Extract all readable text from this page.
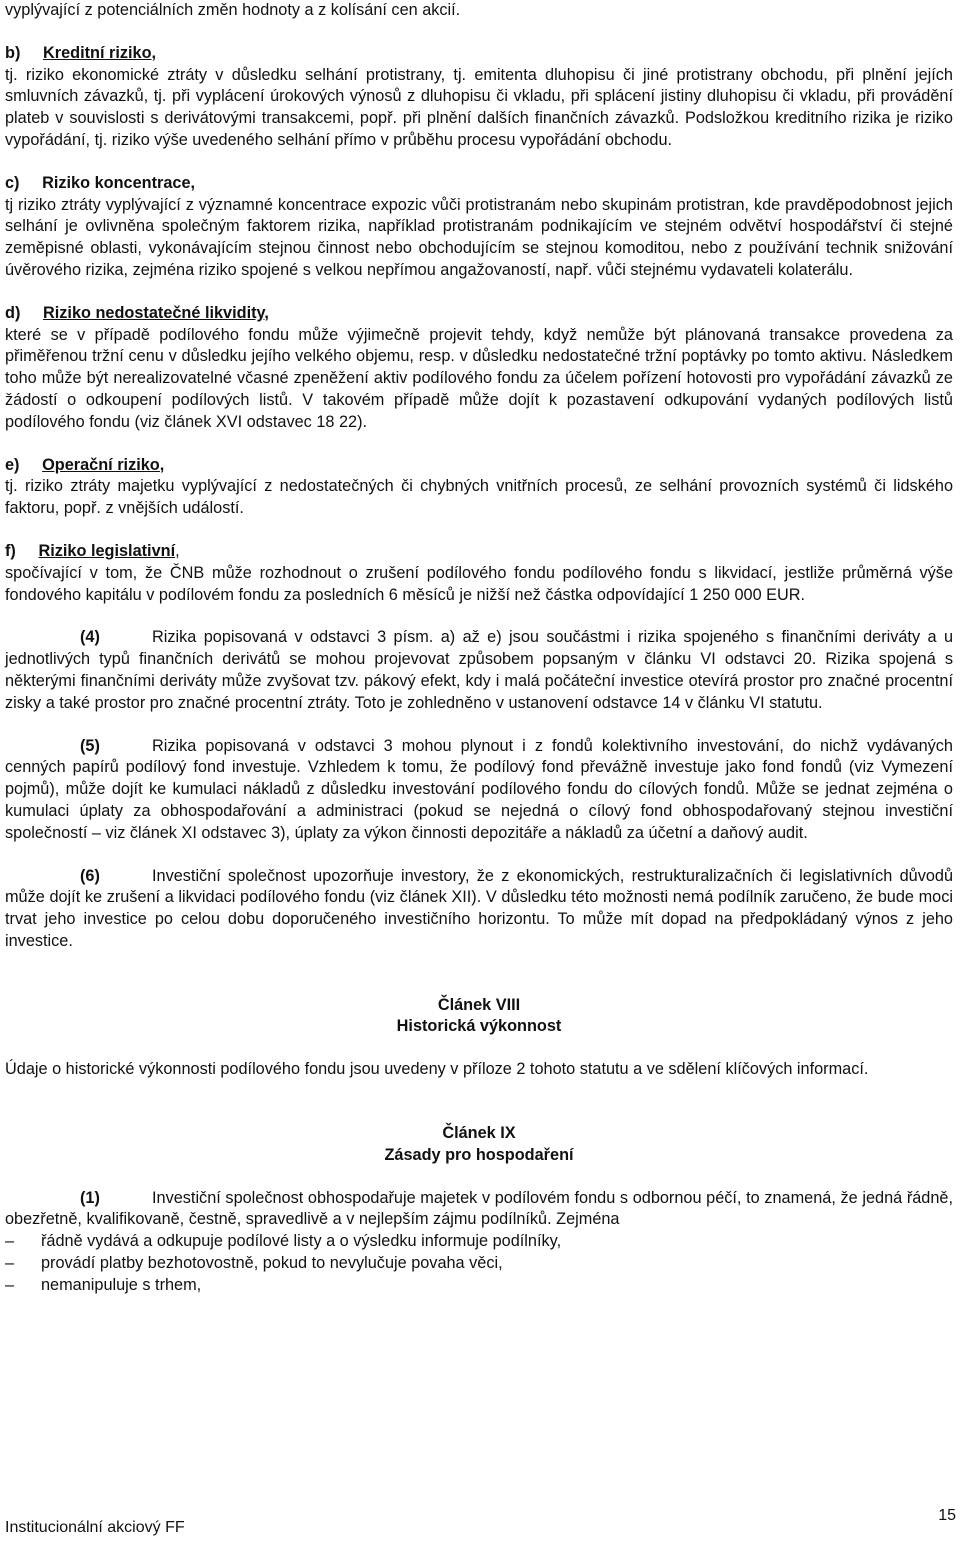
vyplývající z potenciálních změn hodnoty a z kolísání cen akcií.

b) Kreditní riziko,

tj. riziko ekonomické ztráty v důsledku selhání protistrany, tj. emitenta dluhopisu či jiné protistrany obchodu, při plnění jejích smluvních závazků, tj. při vyplácení úrokových výnosů z dluhopisu či vkladu, při splácení jistiny dluhopisu či vkladu, při provádění plateb v souvislosti s derivátovými transakcemi, popř. při plnění dalších finančních závazků. Podsložkou kreditního rizika je riziko vypořádání, tj. riziko výše uvedeného selhání přímo v průběhu procesu vypořádání obchodu.

c) Riziko koncentrace,

tj riziko ztráty vyplývající z významné koncentrace expozic vůči protistranám nebo skupinám protistran, kde pravděpodobnost jejich selhání je ovlivněna společným faktorem rizika, například protistranám podnikajícím ve stejném odvětví hospodářství či stejné zeměpisné oblasti, vykonávajícím stejnou činnost nebo obchodujícím se stejnou komoditou, nebo z používání technik snižování úvěrového rizika, zejména riziko spojené s velkou nepřímou angažovaností, např. vůči stejnému vydavateli kolaterálu.

d) Riziko nedostatečné likvidity,

které se v případě podílového fondu může výjimečně projevit tehdy, když nemůže být plánovaná transakce provedena za přiměřenou tržní cenu v důsledku jejího velkého objemu, resp. v důsledku nedostatečné tržní poptávky po tomto aktivu. Následkem toho může být nerealizovatelné včasné zpeněžení aktiv podílového fondu za účelem pořízení hotovosti pro vypořádání závazků ze žádostí o odkoupení podílových listů. V takovém případě může dojít k pozastavení odkupování vydaných podílových listů podílového fondu (viz článek XVI odstavec 18 22).

e) Operační riziko,

tj. riziko ztráty majetku vyplývající z nedostatečných či chybných vnitřních procesů, ze selhání provozních systémů či lidského faktoru, popř. z vnějších událostí.

f) Riziko legislativní,

spočívající v tom, že ČNB může rozhodnout o zrušení podílového fondu podílového fondu s likvidací, jestliže průměrná výše fondového kapitálu v podílovém fondu za posledních 6 měsíců je nižší než částka odpovídající 1 250 000 EUR.

(4)	Rizika popisovaná v odstavci 3 písm. a) až e) jsou součástmi i rizika spojeného s finančními deriváty a u jednotlivých typů finančních derivátů se mohou projevovat způsobem popsaným v článku VI odstavci 20. Rizika spojená s některými finančními deriváty může zvyšovat tzv. pákový efekt, kdy i malá počáteční investice otevírá prostor pro značné procentní zisky a také prostor pro značné procentní ztráty. Toto je zohledněno v ustanovení odstavce 14 v článku VI statutu.

(5)	Rizika popisovaná v odstavci 3 mohou plynout i z fondů kolektivního investování, do nichž vydávaných cenných papírů podílový fond investuje. Vzhledem k tomu, že podílový fond převážně investuje jako fond fondů (viz Vymezení pojmů), může dojít ke kumulaci nákladů z důsledku investování podílového fondu do cílových fondů. Může se jednat zejména o kumulaci úplaty za obhospodařování a administraci (pokud se nejedná o cílový fond obhospodařovaný stejnou investiční společností – viz článek XI odstavec 3), úplaty za výkon činnosti depozitáře a nákladů za účetní a daňový audit.

(6)	Investiční společnost upozorňuje investory, že z ekonomických, restrukturalizačních či legislativních důvodů může dojít ke zrušení a likvidaci podílového fondu (viz článek XII). V důsledku této možnosti nemá podílník zaručeno, že bude moci trvat jeho investice po celou dobu doporučeného investičního horizontu. To může mít dopad na předpokládaný výnos z jeho investice.

Článek VIII

Historická výkonnost

Údaje o historické výkonnosti podílového fondu jsou uvedeny v příloze 2 tohoto statutu a ve sdělení klíčových informací.

Článek IX

Zásady pro hospodaření

(1)	Investiční společnost obhospodařuje majetek v podílovém fondu s odbornou péčí, to znamená, že jedná řádně, obezřetně, kvalifikovaně, čestně, spravedlivě a v nejlepším zájmu podílníků. Zejména

– řádně vydává a odkupuje podílové listy a o výsledku informuje podílníky,
– provádí platby bezhotovostně, pokud to nevylučuje povaha věci,
– nemanipuluje s trhem,
Institucionální akciový FF
15
